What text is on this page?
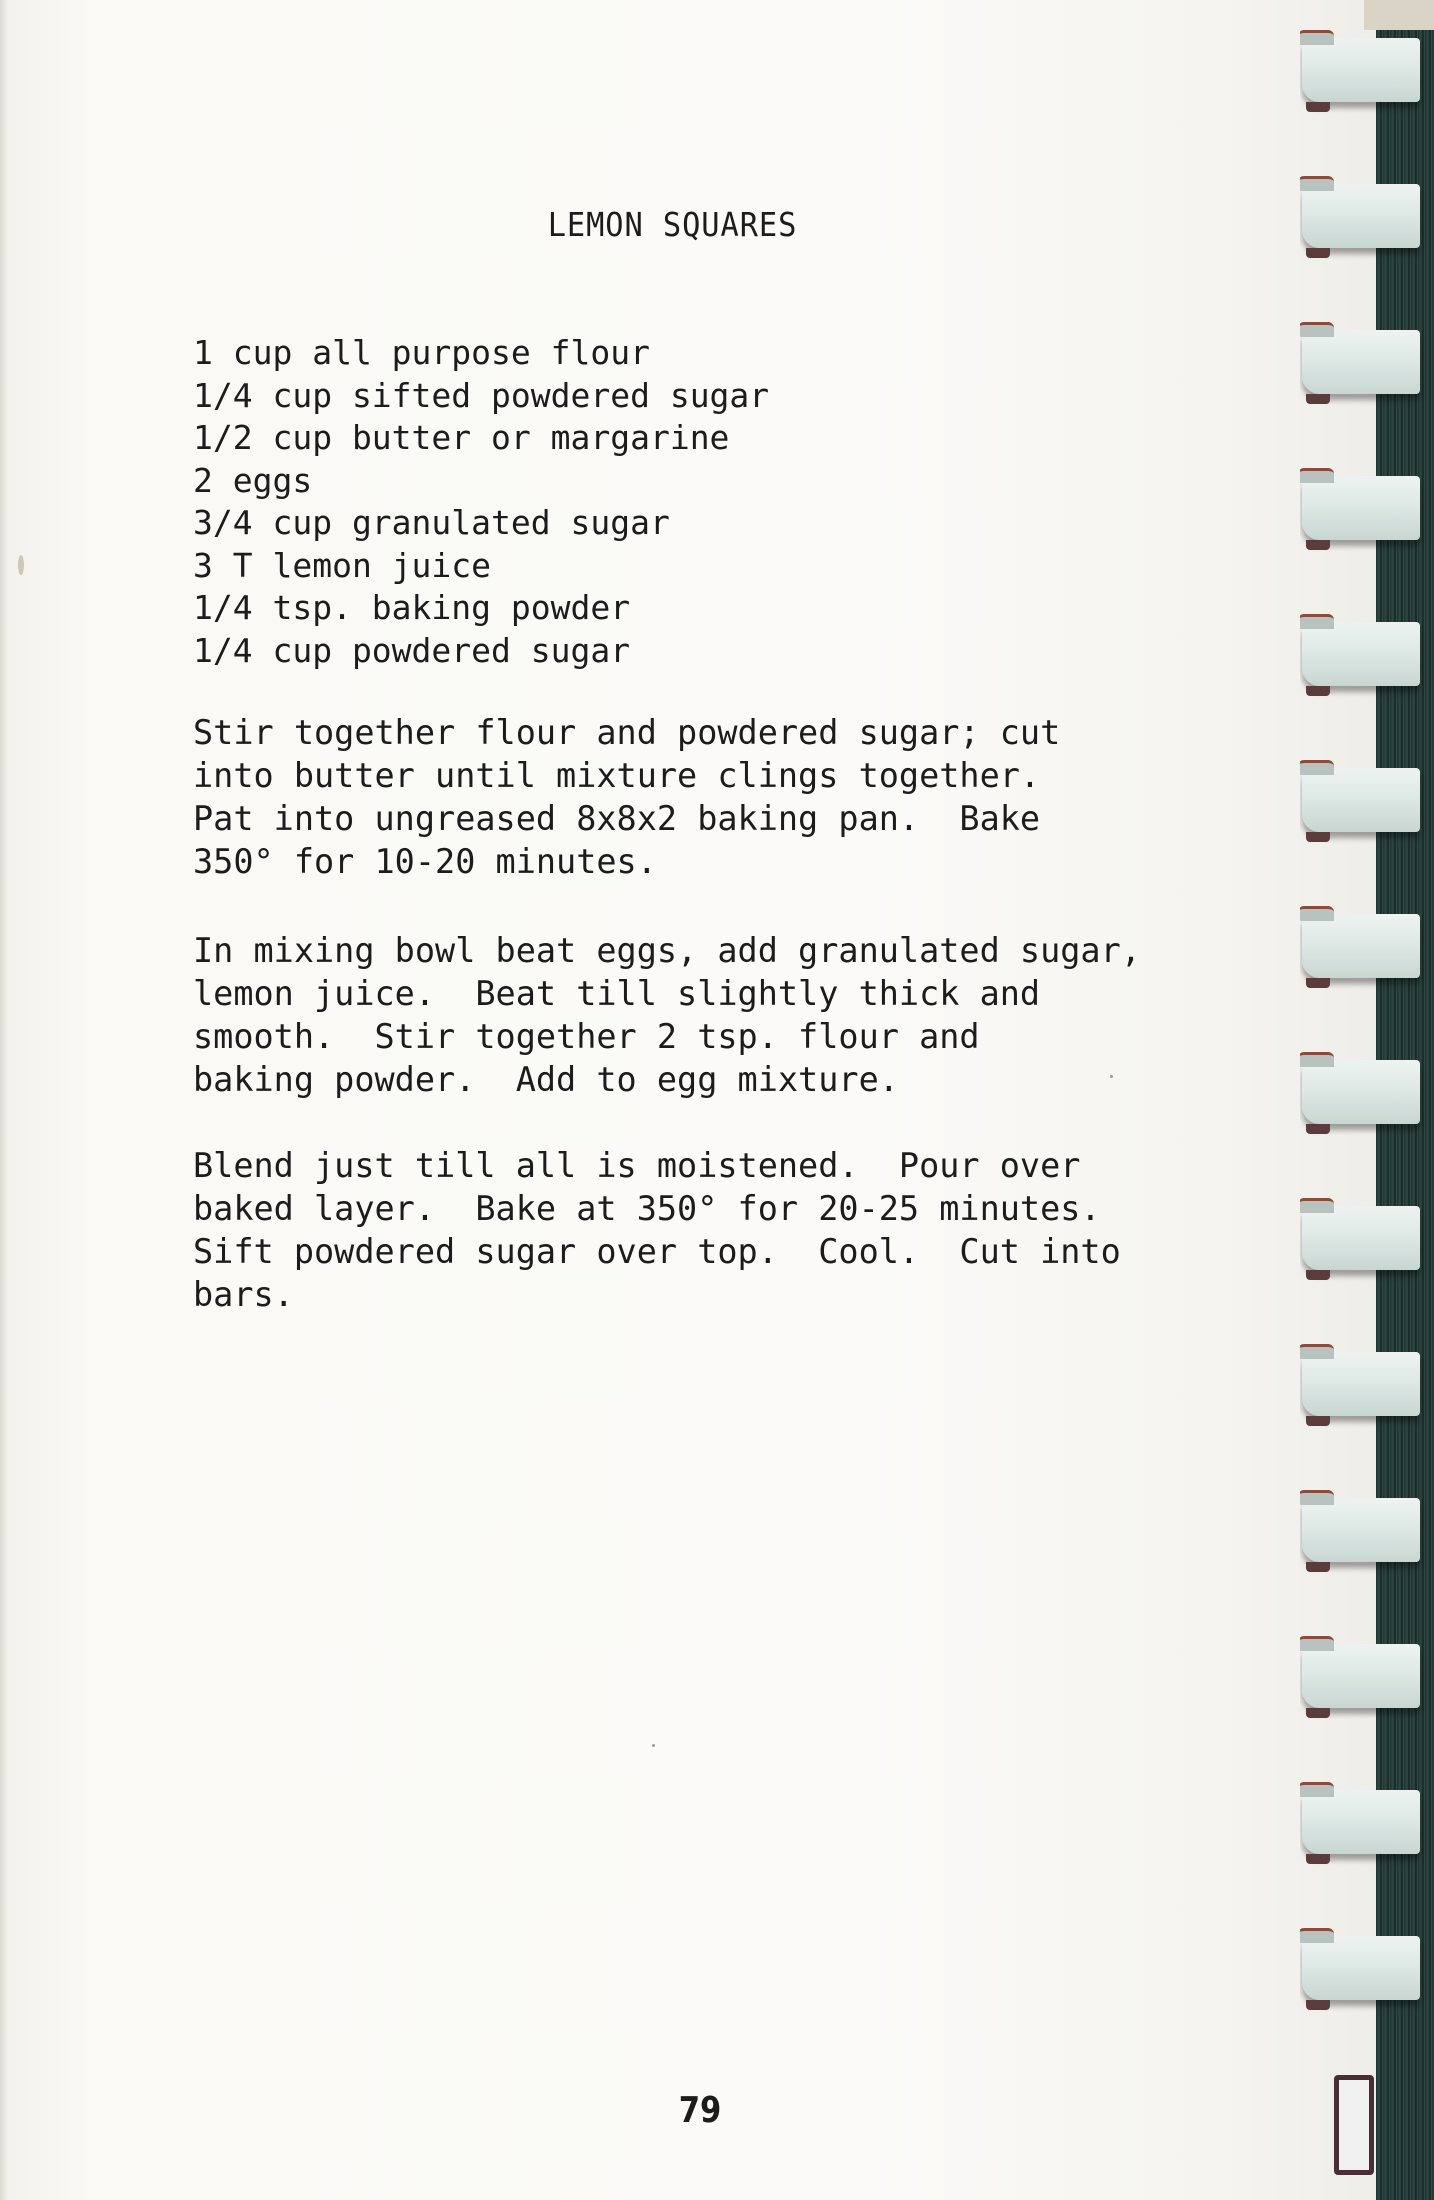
LEMON SQUARES
1 cup all purpose flour
1/4 cup sifted powdered sugar
1/2 cup butter or margarine
2 eggs
3/4 cup granulated sugar
3 T lemon juice
1/4 tsp. baking powder
1/4 cup powdered sugar

Stir together flour and powdered sugar; cut
into butter until mixture clings together.
Pat into ungreased 8x8x2 baking pan.  Bake
350° for 10-20 minutes.

In mixing bowl beat eggs, add granulated sugar,
lemon juice.  Beat till slightly thick and
smooth.  Stir together 2 tsp. flour and
baking powder.  Add to egg mixture.

Blend just till all is moistened.  Pour over
baked layer.  Bake at 350° for 20-25 minutes.
Sift powdered sugar over top.  Cool.  Cut into
bars.

79
